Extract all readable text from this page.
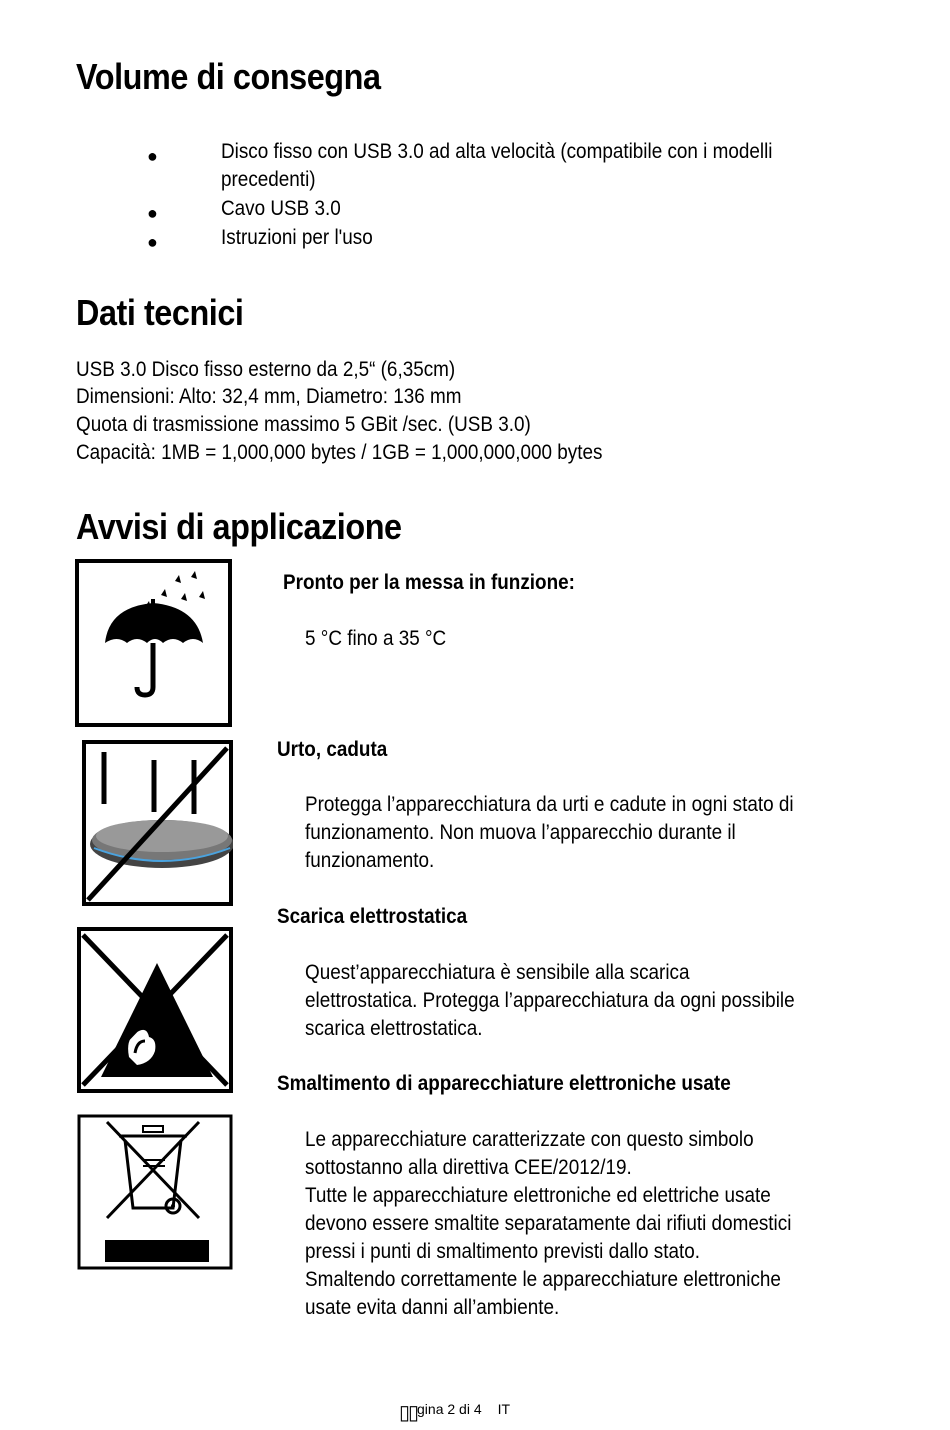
Volume di consegna
●	Disco fisso con USB 3.0 ad alta velocità (compatibile con i modelli
precedenti)
●	Cavo USB 3.0
●	Istruzioni per l'uso
Dati tecnici
USB 3.0 Disco fisso esterno da 2,5“ (6,35cm)
Dimensioni: Alto: 32,4 mm, Diametro: 136 mm
Quota di trasmissione massimo 5 GBit /sec. (USB 3.0)
Capacità: 1MB = 1,000,000 bytes / 1GB = 1,000,000,000 bytes
Avvisi di applicazione
Pronto per la messa in funzione:
5 °C fino a 35 °C
Urto, caduta
Protegga l’apparecchiatura da urti e cadute in ogni stato di
funzionamento. Non muova l’apparecchio durante il
funzionamento.
Scarica elettrostatica
Quest’apparecchiatura è sensibile alla scarica
elettrostatica. Protegga l’apparecchiatura da ogni possibile
scarica elettrostatica.
Smaltimento di apparecchiature elettroniche usate
Le apparecchiature caratterizzate con questo simbolo
sottostanno alla direttiva CEE/2012/19.
Tutte le apparecchiature elettroniche ed elettriche usate
devono essere smaltite separatamente dai rifiuti domestici
pressi i punti di smaltimento previsti dallo stato.
Smaltendo correttamente le apparecchiature elettroniche
usate evita danni all’ambiente.
▯▯gina 2 di 4 IT
